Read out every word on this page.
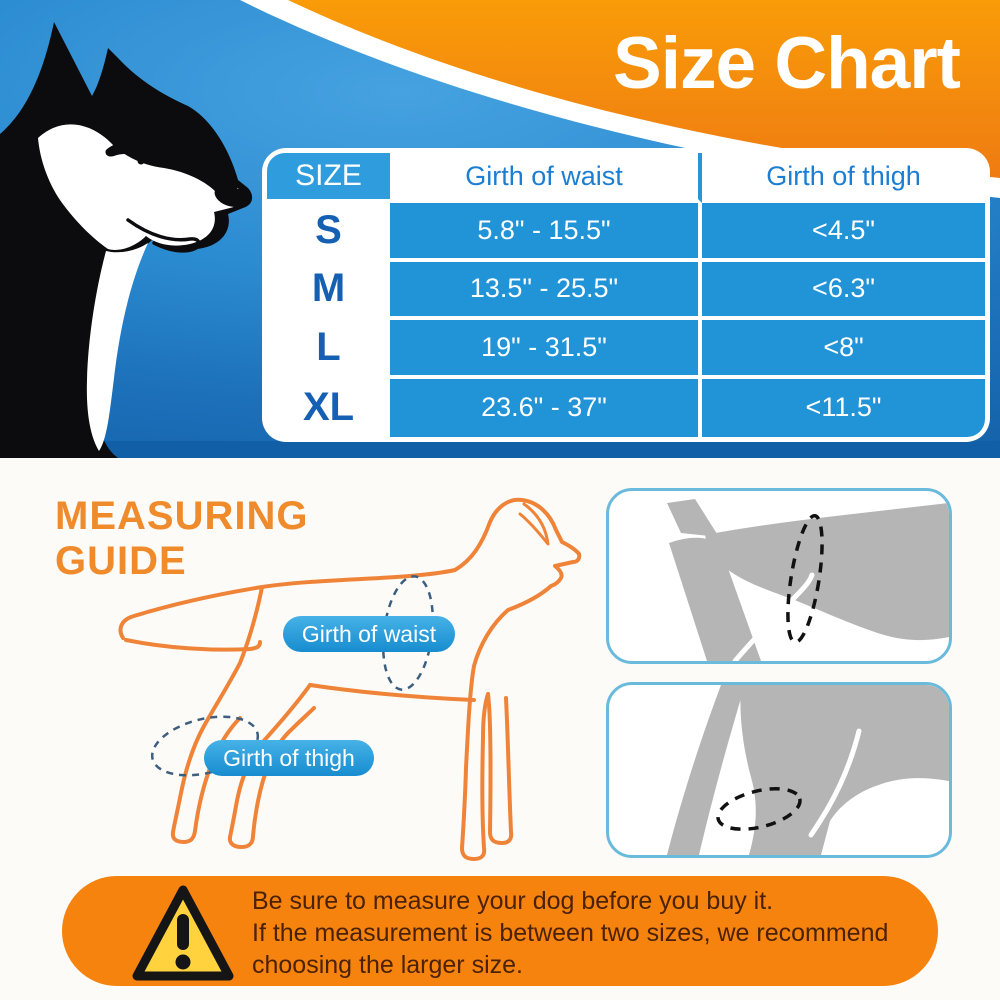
Size Chart
SIZE	Girth of waist	Girth of thigh
S	5.8" - 15.5"	<4.5"
M	13.5" - 25.5"	<6.3"
L	19" - 31.5"	<8"
XL	23.6" - 37"	<11.5"
MEASURING
GUIDE
Girth of waist
Girth of thigh
Be sure to measure your dog before you buy it.
If the measurement is between two sizes, we recommend
choosing the larger size.
